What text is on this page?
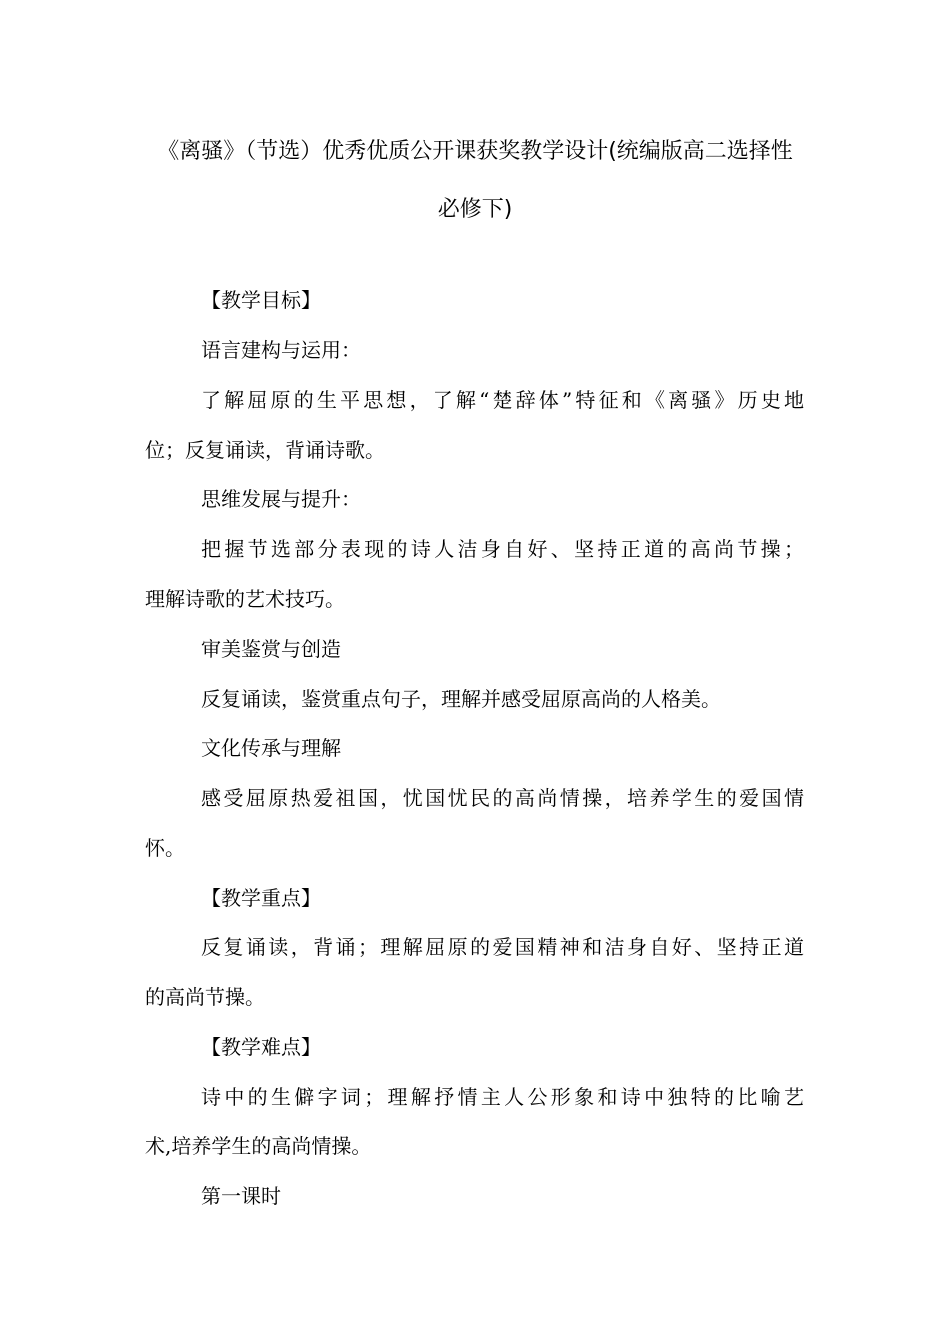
《离骚》（节选）优秀优质公开课获奖教学设计(统编版高二选择性
必修下)

【教学目标】

语言建构与运用：

了解屈原的生平思想，了解“楚辞体”特征和《离骚》历史地

位；反复诵读，背诵诗歌。

思维发展与提升：

把握节选部分表现的诗人洁身自好、坚持正道的高尚节操；

理解诗歌的艺术技巧。

审美鉴赏与创造

反复诵读，鉴赏重点句子，理解并感受屈原高尚的人格美。

文化传承与理解

感受屈原热爱祖国，忧国忧民的高尚情操，培养学生的爱国情

怀。

【教学重点】

反复诵读，背诵；理解屈原的爱国精神和洁身自好、坚持正道

的高尚节操。

【教学难点】

诗中的生僻字词；理解抒情主人公形象和诗中独特的比喻艺

术,培养学生的高尚情操。

第一课时
